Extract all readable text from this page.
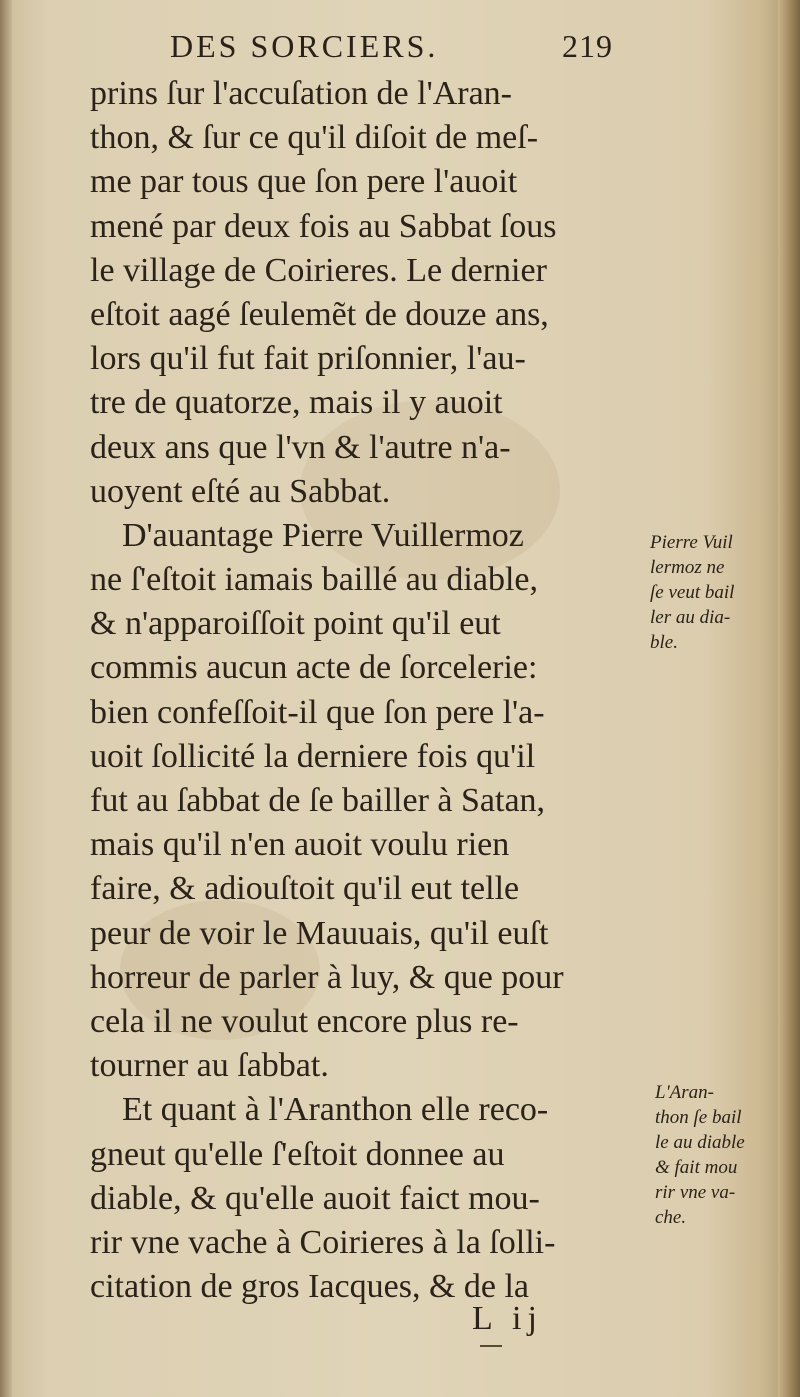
DES SORCIERS.	219
prins ſur l'accuſation de l'Aran-
thon, & ſur ce qu'il diſoit de meſ-
me par tous que ſon pere l'auoit
mené par deux fois au Sabbat ſous
le village de Coirieres. Le dernier
eſtoit aagé ſeulemẽt de douze ans,
lors qu'il fut fait priſonnier, l'au-
tre de quatorze, mais il y auoit
deux ans que l'vn & l'autre n'a-
uoyent eſté au Sabbat.
D'auantage Pierre Vuillermoz
ne ſ'eſtoit iamais baillé au diable,
& n'apparoiſſoit point qu'il eut
commis aucun acte de ſorcelerie:
bien confeſſoit-il que ſon pere l'a-
uoit ſollicité la derniere fois qu'il
fut au ſabbat de ſe bailler à Satan,
mais qu'il n'en auoit voulu rien
faire, & adiouſtoit qu'il eut telle
peur de voir le Mauuais, qu'il euſt
horreur de parler à luy, & que pour
cela il ne voulut encore plus re-
tourner au ſabbat.
Et quant à l'Aranthon elle reco-
gneut qu'elle ſ'eſtoit donnee au
diable, & qu'elle auoit faict mou-
rir vne vache à Coirieres à la ſolli-
citation de gros Iacques, & de la
Pierre Vuil
lermoz ne
ſe veut bail
ler au dia-
ble.
L'Aran-
thon ſe bail
le au diable
& fait mou
rir vne va-
che.
L ij
